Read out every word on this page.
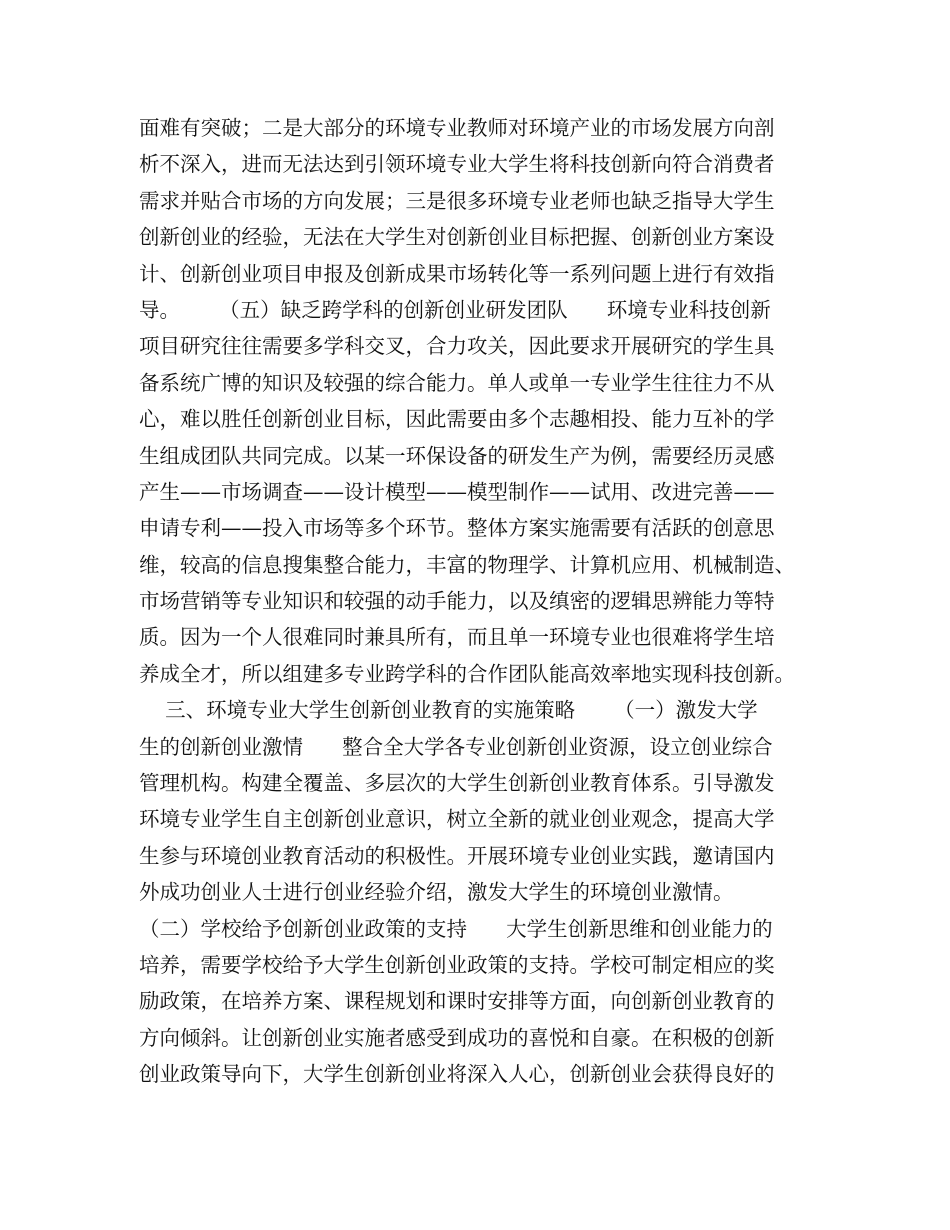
面难有突破；二是大部分的环境专业教师对环境产业的市场发展方向剖

析不深入，进而无法达到引领环境专业大学生将科技创新向符合消费者

需求并贴合市场的方向发展；三是很多环境专业老师也缺乏指导大学生

创新创业的经验，无法在大学生对创新创业目标把握、创新创业方案设

计、创新创业项目申报及创新成果市场转化等一系列问题上进行有效指

导。      （五）缺乏跨学科的创新创业研发团队      环境专业科技创新

项目研究往往需要多学科交叉，合力攻关，因此要求开展研究的学生具

备系统广博的知识及较强的综合能力。单人或单一专业学生往往力不从

心，难以胜任创新创业目标，因此需要由多个志趣相投、能力互补的学

生组成团队共同完成。以某一环保设备的研发生产为例，需要经历灵感

产生——市场调查——设计模型——模型制作——试用、改进完善——

申请专利——投入市场等多个环节。整体方案实施需要有活跃的创意思

维，较高的信息搜集整合能力，丰富的物理学、计算机应用、机械制造、

市场营销等专业知识和较强的动手能力，以及缜密的逻辑思辨能力等特

质。因为一个人很难同时兼具所有，而且单一环境专业也很难将学生培

养成全才，所以组建多专业跨学科的合作团队能高效率地实现科技创新。

三、环境专业大学生创新创业教育的实施策略      （一）激发大学

生的创新创业激情      整合全大学各专业创新创业资源，设立创业综合

管理机构。构建全覆盖、多层次的大学生创新创业教育体系。引导激发

环境专业学生自主创新创业意识，树立全新的就业创业观念，提高大学

生参与环境创业教育活动的积极性。开展环境专业创业实践，邀请国内

外成功创业人士进行创业经验介绍，激发大学生的环境创业激情。

（二）学校给予创新创业政策的支持      大学生创新思维和创业能力的

培养，需要学校给予大学生创新创业政策的支持。学校可制定相应的奖

励政策，在培养方案、课程规划和课时安排等方面，向创新创业教育的

方向倾斜。让创新创业实施者感受到成功的喜悦和自豪。在积极的创新

创业政策导向下，大学生创新创业将深入人心，创新创业会获得良好的
